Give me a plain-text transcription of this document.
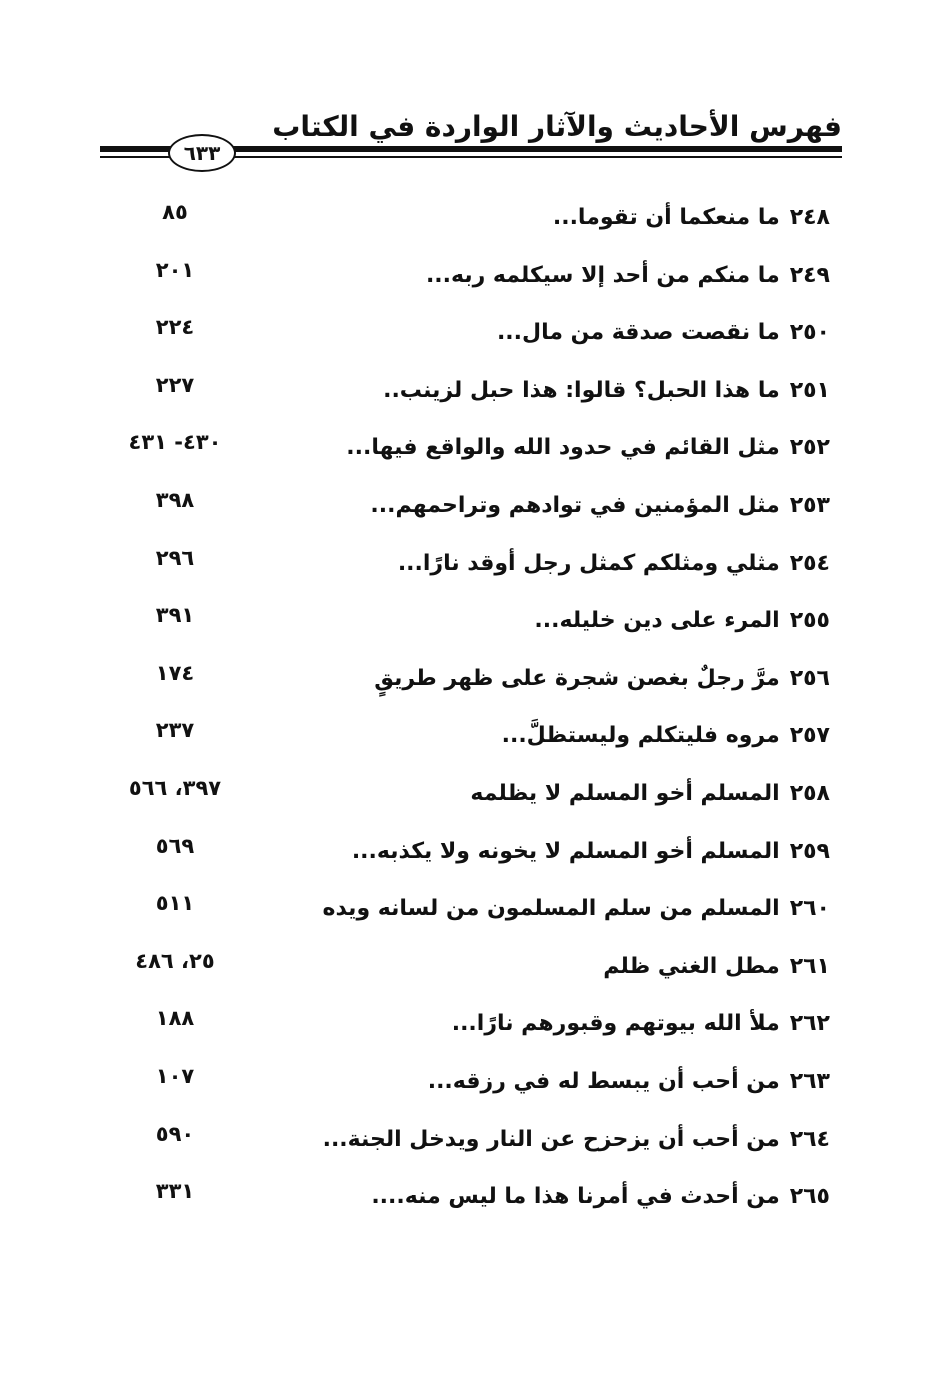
فهرس الأحاديث والآثار الواردة في الكتاب
٦٣٣
٢٤٨ما منعكما أن تقوما...
٨٥
٢٤٩ما منكم من أحد إلا سيكلمه ربه...
٢٠١
٢٥٠ما نقصت صدقة من مال...
٢٢٤
٢٥١ما هذا الحبل؟ قالوا: هذا حبل لزينب..
٢٢٧
٢٥٢مثل القائم في حدود الله والواقع فيها...
٤٣٠- ٤٣١
٢٥٣مثل المؤمنين في توادهم وتراحمهم...
٣٩٨
٢٥٤مثلي ومثلكم كمثل رجل أوقد نارًا...
٢٩٦
٢٥٥المرء على دين خليله...
٣٩١
٢٥٦مرَّ رجلٌ بغصن شجرة على ظهر طريقٍ
١٧٤
٢٥٧مروه فليتكلم وليستظلَّ...
٢٣٧
٢٥٨المسلم أخو المسلم لا يظلمه
٣٩٧، ٥٦٦
٢٥٩المسلم أخو المسلم لا يخونه ولا يكذبه...
٥٦٩
٢٦٠المسلم من سلم المسلمون من لسانه ويده
٥١١
٢٦١مطل الغني ظلم
٢٥، ٤٨٦
٢٦٢ملأ الله بيوتهم وقبورهم نارًا...
١٨٨
٢٦٣من أحب أن يبسط له في رزقه...
١٠٧
٢٦٤من أحب أن يزحزح عن النار ويدخل الجنة...
٥٩٠
٢٦٥من أحدث في أمرنا هذا ما ليس منه....
٣٣١
